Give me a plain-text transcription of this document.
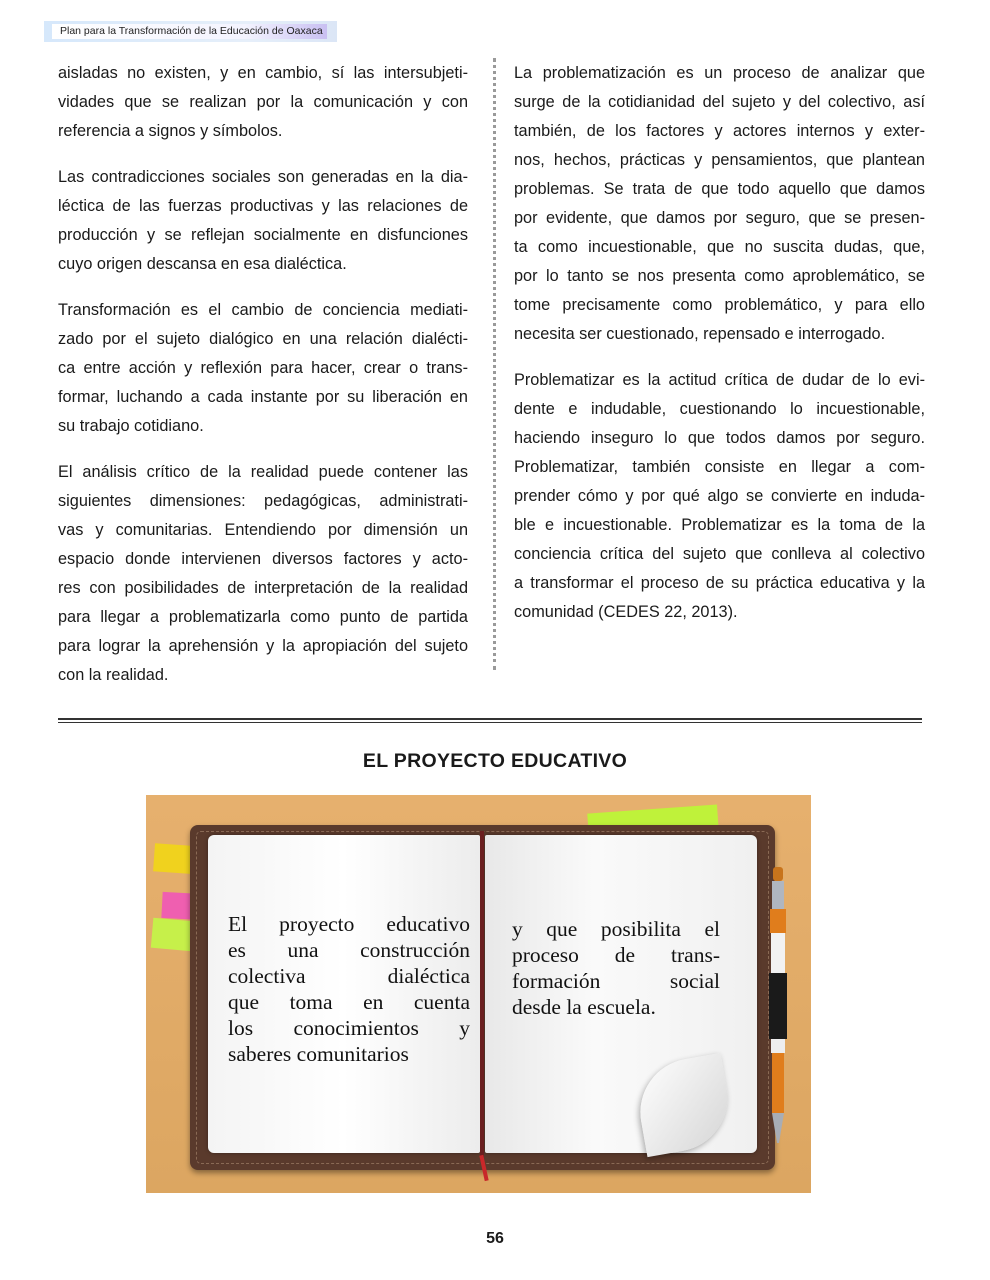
Plan para la Transformación de la Educación de Oaxaca
aisladas no existen, y en cambio, sí las intersubjeti-
vidades que se realizan por la comunicación y con
referencia a signos y símbolos.
Las contradicciones sociales son generadas en la dia-
léctica de las fuerzas productivas y las relaciones de
producción y se reflejan socialmente en disfunciones
cuyo origen descansa en esa dialéctica.
Transformación es el cambio de conciencia mediati-
zado por el sujeto dialógico en una relación dialécti-
ca entre acción y reflexión para hacer, crear o trans-
formar, luchando a cada instante por su liberación en
su trabajo cotidiano.
El análisis crítico de la realidad puede contener las
siguientes dimensiones: pedagógicas, administrati-
vas y comunitarias. Entendiendo por dimensión un
espacio donde intervienen diversos factores y acto-
res con posibilidades de interpretación de la realidad
para llegar a problematizarla como punto de partida
para lograr la aprehensión y la apropiación del sujeto
con la realidad.
La problematización es un proceso de analizar que
surge de la cotidianidad del sujeto y del colectivo, así
también, de los factores y actores internos y exter-
nos, hechos, prácticas y pensamientos, que plantean
problemas. Se trata de que todo aquello que damos
por evidente, que damos por seguro, que se presen-
ta como incuestionable, que no suscita dudas, que,
por lo tanto se nos presenta como aproblemático, se
tome precisamente como problemático, y para ello
necesita ser cuestionado, repensado e interrogado.
Problematizar es la actitud crítica de dudar de lo evi-
dente e indudable, cuestionando lo incuestionable,
haciendo inseguro lo que todos damos por seguro.
Problematizar, también consiste en llegar a com-
prender cómo y por qué algo se convierte en induda-
ble e incuestionable. Problematizar es la toma de la
conciencia crítica del sujeto que conlleva al colectivo
a transformar el proceso de su práctica educativa y la
comunidad (CEDES 22, 2013).
EL PROYECTO EDUCATIVO
El proyecto educativo
es una construcción
colectiva dialéctica
que toma en cuenta
los conocimientos y
saberes comunitarios
y que posibilita el
proceso de trans-
formación social
desde la escuela.
56
